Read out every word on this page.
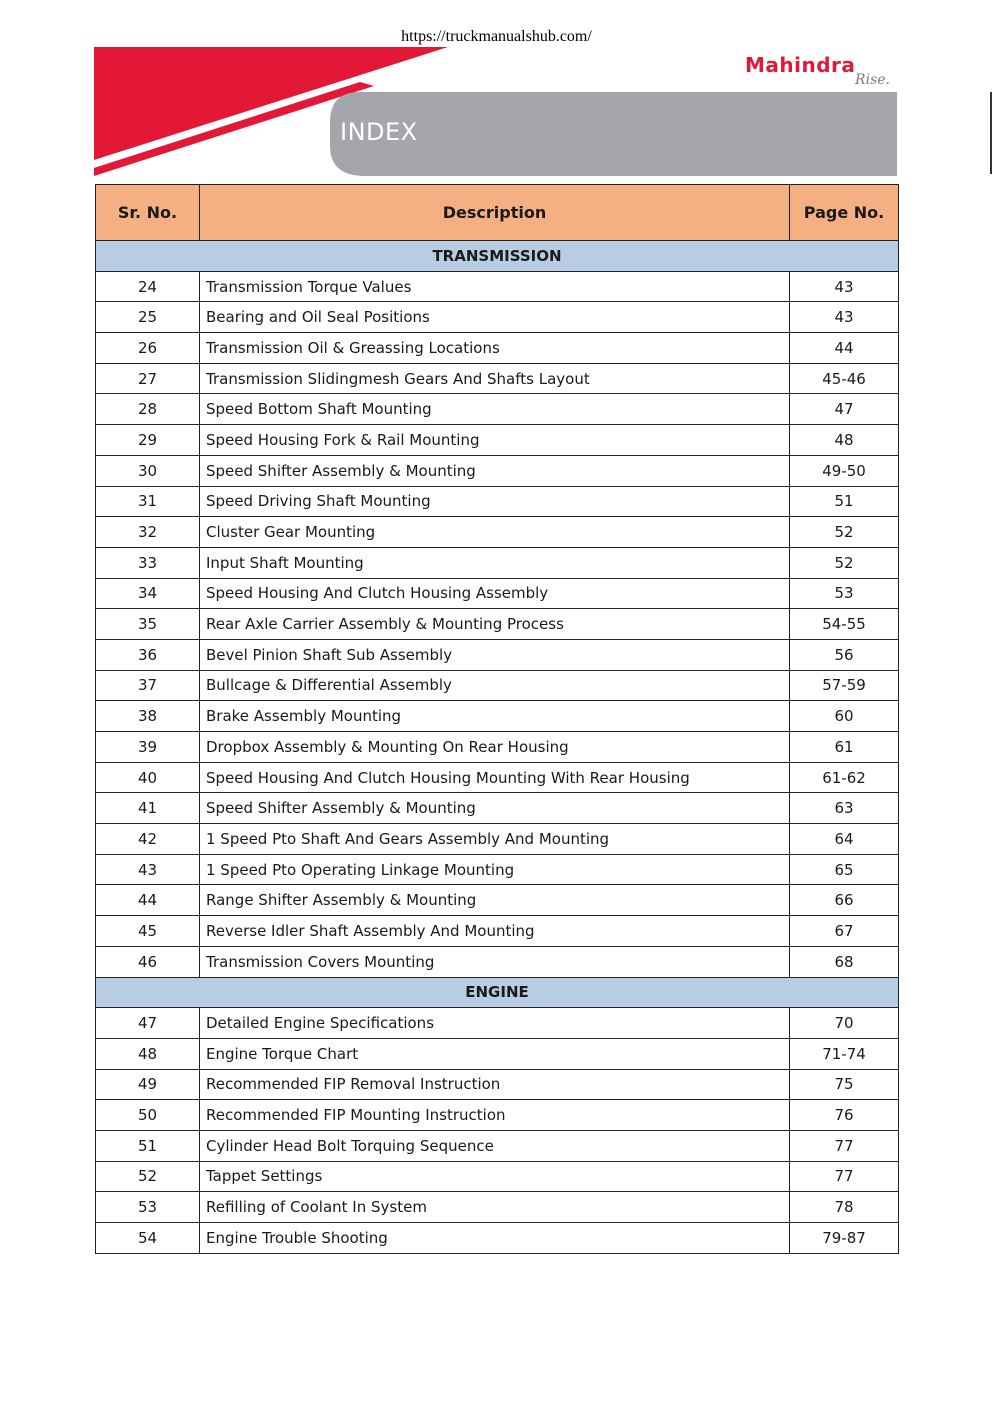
https://truckmanualshub.com/
INDEX
Mahindra
Rise.
Sr. No.	Description	Page No.
TRANSMISSION		
24	Transmission Torque Values	43
25	Bearing and Oil Seal Positions	43
26	Transmission Oil & Greassing Locations	44
27	Transmission Slidingmesh Gears And Shafts Layout	45-46
28	Speed Bottom Shaft Mounting	47
29	Speed Housing Fork & Rail Mounting	48
30	Speed Shifter Assembly & Mounting	49-50
31	Speed Driving Shaft Mounting	51
32	Cluster Gear Mounting	52
33	Input Shaft Mounting	52
34	Speed Housing And Clutch Housing Assembly	53
35	Rear Axle Carrier Assembly & Mounting Process	54-55
36	Bevel Pinion Shaft Sub Assembly	56
37	Bullcage & Differential Assembly	57-59
38	Brake Assembly Mounting	60
39	Dropbox Assembly & Mounting On Rear Housing	61
40	Speed Housing And Clutch Housing Mounting With Rear Housing	61-62
41	Speed Shifter Assembly & Mounting	63
42	1 Speed Pto Shaft And Gears Assembly And Mounting	64
43	1 Speed Pto Operating Linkage Mounting	65
44	Range Shifter Assembly & Mounting	66
45	Reverse Idler Shaft Assembly And Mounting	67
46	Transmission Covers Mounting	68
ENGINE		
47	Detailed Engine Specifications	70
48	Engine Torque Chart	71-74
49	Recommended FIP Removal Instruction	75
50	Recommended FIP Mounting Instruction	76
51	Cylinder Head Bolt Torquing Sequence	77
52	Tappet Settings	77
53	Refilling of Coolant In System	78
54	Engine Trouble Shooting	79-87
